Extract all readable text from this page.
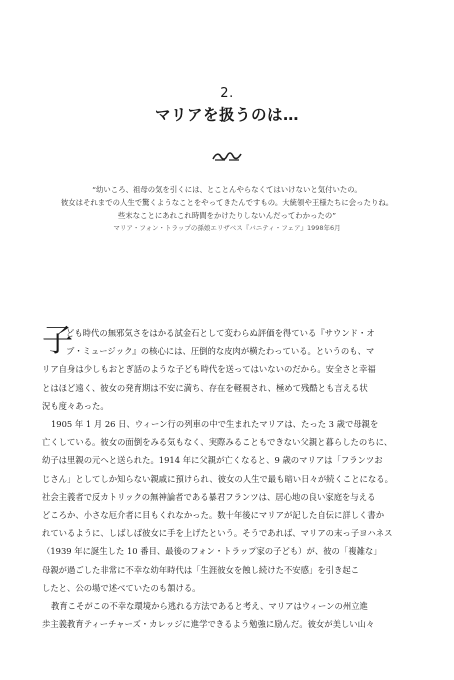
2.
マリアを扱うのは…
“幼いころ、祖母の気を引くには、とことんやらなくてはいけないと気付いたの。
彼女はそれまでの人生で驚くようなことをやってきたんですもの。大統領や王様たちに会ったりね。
些末なことにあれこれ時間をかけたりしないんだってわかったの”
マリア・フォン・トラップの孫娘エリザベス『バニティ・フェア』1998年6月
子
ども時代の無邪気さをはかる試金石として変わらぬ評価を得ている『サウンド・オ
ブ・ミュージック』の核心には、圧倒的な皮肉が横たわっている。というのも、マ
リア自身は少しもおとぎ話のような子ども時代を送ってはいないのだから。安全さと幸福
とはほど遠く、彼女の発育期は不安に満ち、存在を軽視され、極めて残酷とも言える状
況も度々あった。
1905 年 1 月 26 日、ウィーン行の列車の中で生まれたマリアは、たった 3 歳で母親を
亡くしている。彼女の面倒をみる気もなく、実際みることもできない父親と暮らしたのちに、
幼子は里親の元へと送られた。1914 年に父親が亡くなると、9 歳のマリアは「フランツお
じさん」としてしか知らない親戚に預けられ、彼女の人生で最も暗い日々が続くことになる。
社会主義者で反カトリックの無神論者である暴君フランツは、居心地の良い家庭を与える
どころか、小さな厄介者に目もくれなかった。数十年後にマリアが記した自伝に詳しく書か
れているように、しばしば彼女に手を上げたという。そうであれば、マリアの末っ子ヨハネス
（1939 年に誕生した 10 番目、最後のフォン・トラップ家の子ども）が、彼の「複雑な」
母親が過ごした非常に不幸な幼年時代は「生涯彼女を蝕し続けた不安感」を引き起こ
したと、公の場で述べていたのも頷ける。
教育こそがこの不幸な環境から逃れる方法であると考え、マリアはウィーンの州立進
歩主義教育ティーチャーズ・カレッジに進学できるよう勉強に励んだ。彼女が美しい山々
